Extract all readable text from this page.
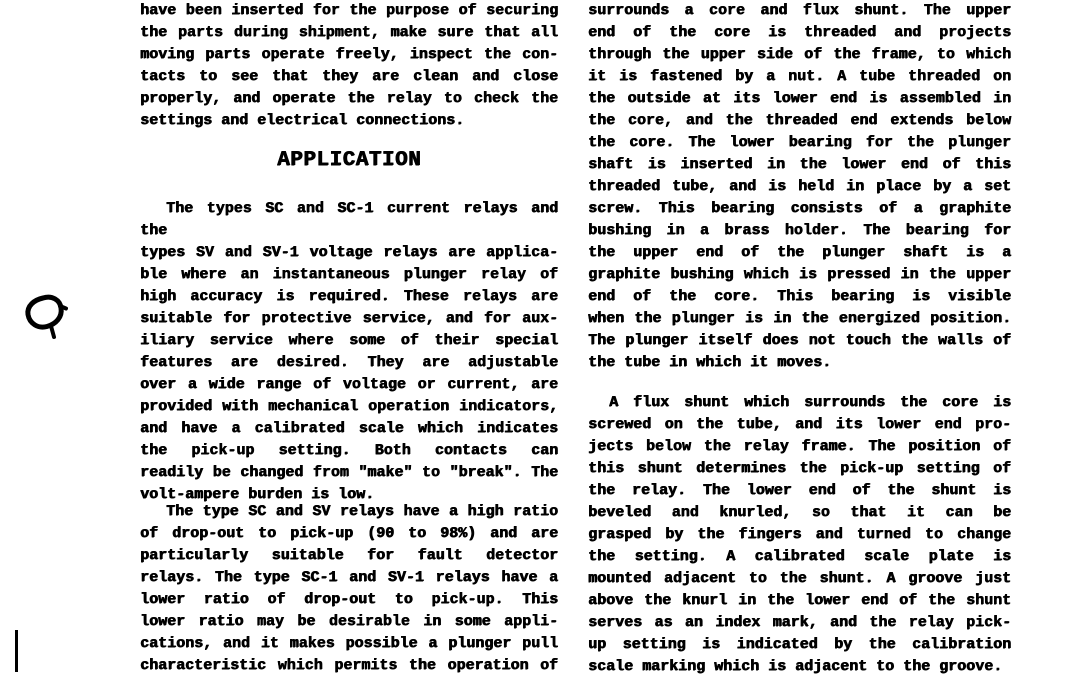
have been inserted for the purpose of securing
the parts during shipment, make sure that all
moving parts operate freely, inspect the con-
tacts to see that they are clean and close
properly, and operate the relay to check the
settings and electrical connections.
APPLICATION
The types SC and SC-1 current relays and the
types SV and SV-1 voltage relays are applica-
ble where an instantaneous plunger relay of
high accuracy is required. These relays are
suitable for protective service, and for aux-
iliary service where some of their special
features are desired. They are adjustable
over a wide range of voltage or current, are
provided with mechanical operation indicators,
and have a calibrated scale which indicates
the pick-up setting. Both contacts can
readily be changed from "make" to "break". The
volt-ampere burden is low.
The type SC and SV relays have a high ratio
of drop-out to pick-up (90 to 98%) and are
particularly suitable for fault detector
relays. The type SC-1 and SV-1 relays have a
lower ratio of drop-out to pick-up. This
lower ratio may be desirable in some appli-
cations, and it makes possible a plunger pull
characteristic which permits the operation of
surrounds a core and flux shunt. The upper
end of the core is threaded and projects
through the upper side of the frame, to which
it is fastened by a nut. A tube threaded on
the outside at its lower end is assembled in
the core, and the threaded end extends below
the core. The lower bearing for the plunger
shaft is inserted in the lower end of this
threaded tube, and is held in place by a set
screw. This bearing consists of a graphite
bushing in a brass holder. The bearing for
the upper end of the plunger shaft is a
graphite bushing which is pressed in the upper
end of the core. This bearing is visible
when the plunger is in the energized position.
The plunger itself does not touch the walls of
the tube in which it moves.
A flux shunt which surrounds the core is
screwed on the tube, and its lower end pro-
jects below the relay frame. The position of
this shunt determines the pick-up setting of
the relay. The lower end of the shunt is
beveled and knurled, so that it can be
grasped by the fingers and turned to change
the setting. A calibrated scale plate is
mounted adjacent to the shunt. A groove just
above the knurl in the lower end of the shunt
serves as an index mark, and the relay pick-
up setting is indicated by the calibration
scale marking which is adjacent to the groove.
